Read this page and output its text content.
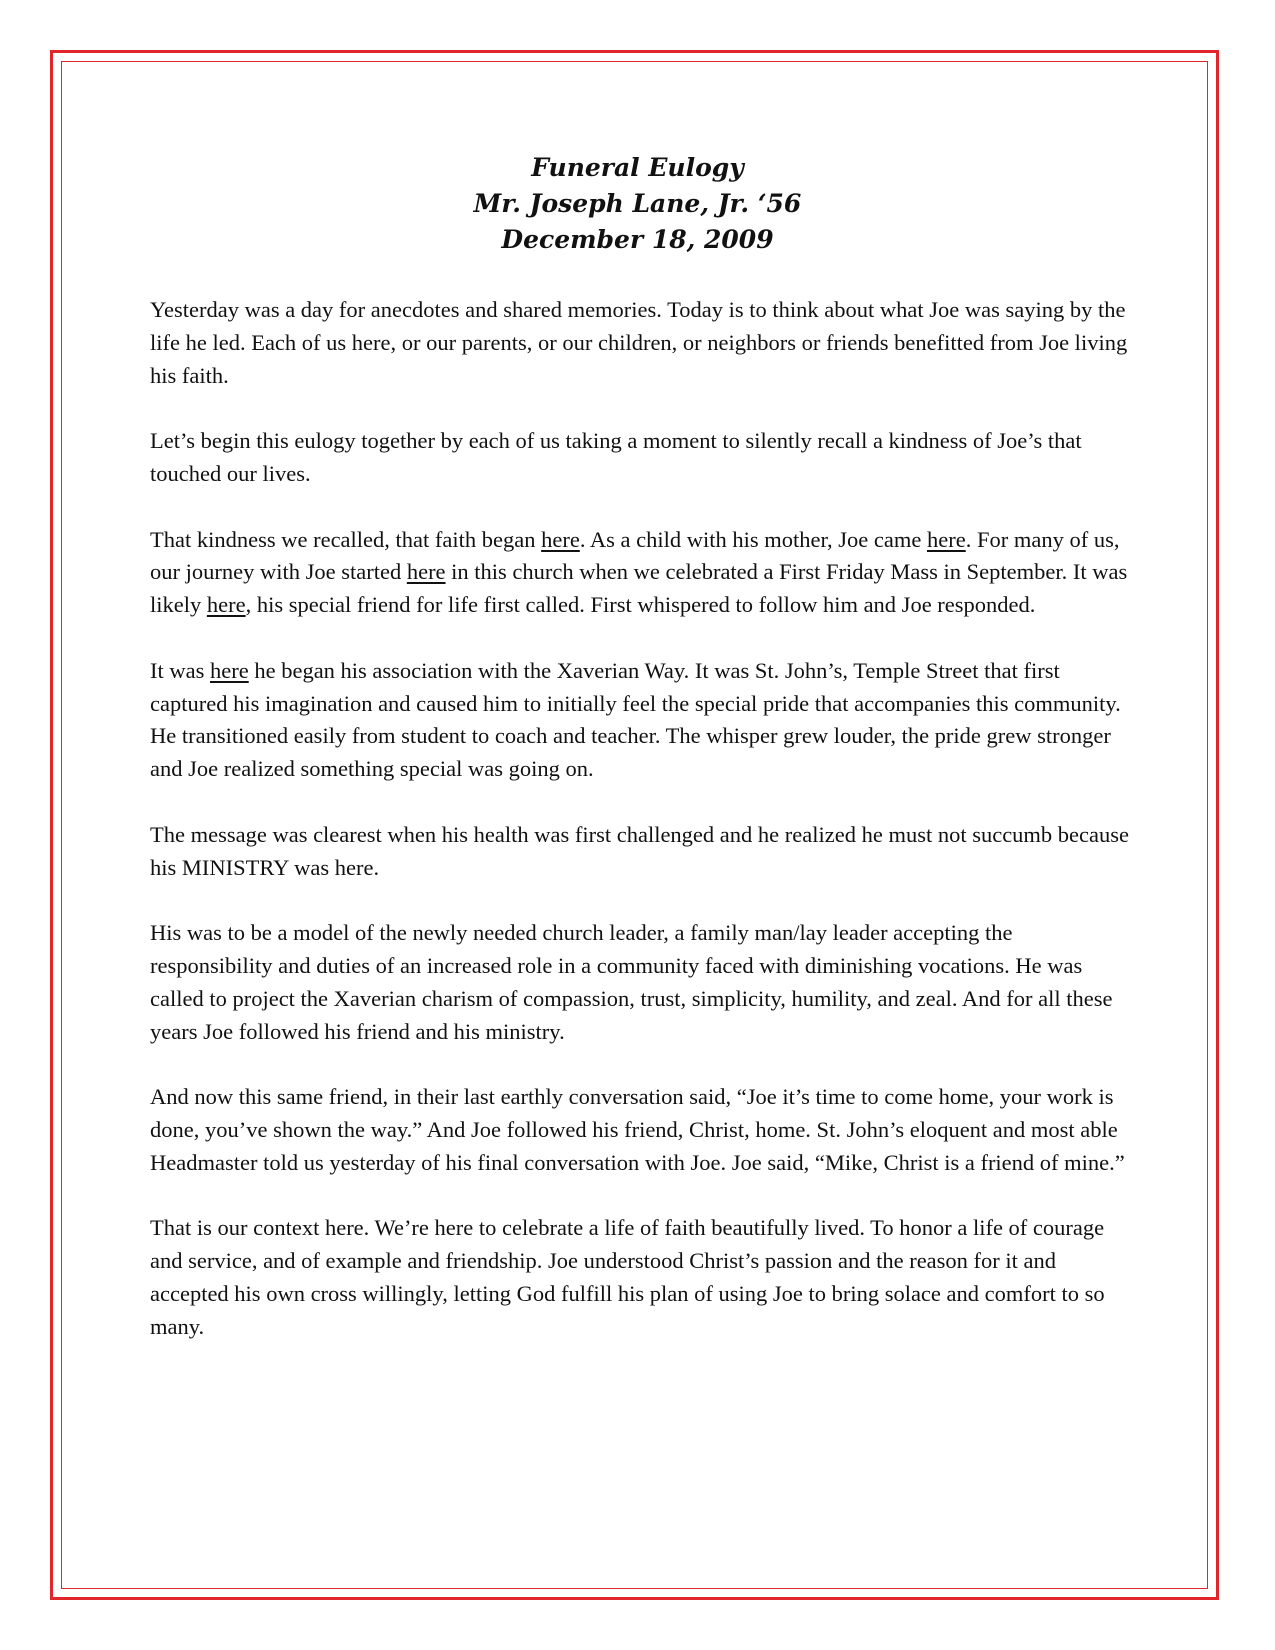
Funeral Eulogy
Mr. Joseph Lane, Jr. ‘56
December 18, 2009

Yesterday was a day for anecdotes and shared memories. Today is to think about what Joe was saying by the life he led. Each of us here, or our parents, or our children, or neighbors or friends benefitted from Joe living his faith.

Let’s begin this eulogy together by each of us taking a moment to silently recall a kindness of Joe’s that touched our lives.

That kindness we recalled, that faith began here. As a child with his mother, Joe came here. For many of us, our journey with Joe started here in this church when we celebrated a First Friday Mass in September. It was likely here, his special friend for life first called. First whispered to follow him and Joe responded.

It was here he began his association with the Xaverian Way. It was St. John’s, Temple Street that first captured his imagination and caused him to initially feel the special pride that accompanies this community. He transitioned easily from student to coach and teacher. The whisper grew louder, the pride grew stronger and Joe realized something special was going on.

The message was clearest when his health was first challenged and he realized he must not succumb because his MINISTRY was here.

His was to be a model of the newly needed church leader, a family man/lay leader accepting the responsibility and duties of an increased role in a community faced with diminishing vocations. He was called to project the Xaverian charism of compassion, trust, simplicity, humility, and zeal. And for all these years Joe followed his friend and his ministry.

And now this same friend, in their last earthly conversation said, “Joe it’s time to come home, your work is done, you’ve shown the way.” And Joe followed his friend, Christ, home. St. John’s eloquent and most able Headmaster told us yesterday of his final conversation with Joe. Joe said, “Mike, Christ is a friend of mine.”

That is our context here. We’re here to celebrate a life of faith beautifully lived. To honor a life of courage and service, and of example and friendship. Joe understood Christ’s passion and the reason for it and accepted his own cross willingly, letting God fulfill his plan of using Joe to bring solace and comfort to so many.
